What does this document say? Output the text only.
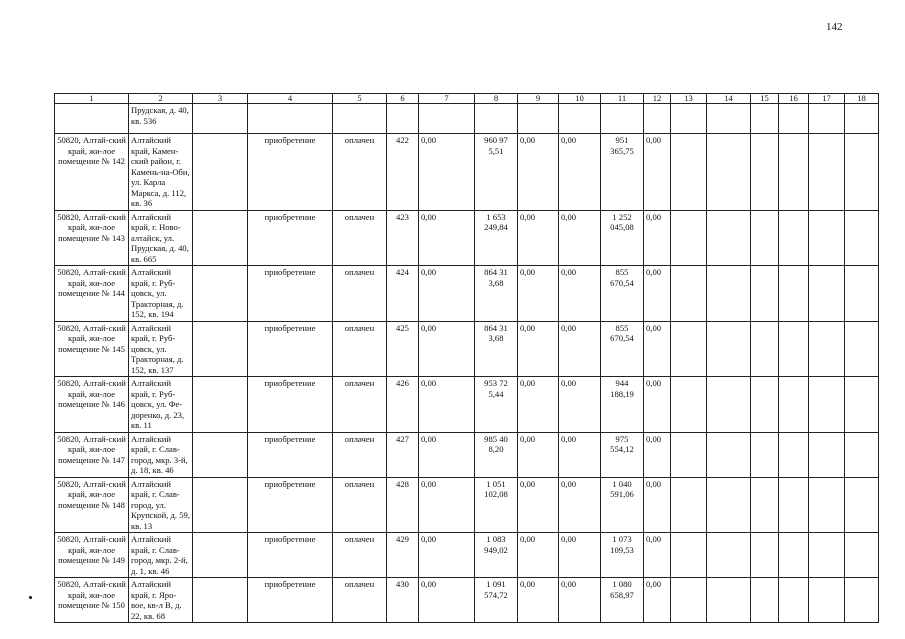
142
1	2	3	4	5	6	7	8	9	10	11	12	13	14	15	16	17	18
	Прудская, д. 40, кв. 536																
50820, Алтай-ский край, жи-лое помещение № 142	Алтайский край, Камен-ский район, г. Камень-на-Оби, ул. Карла Маркса, д. 112, кв. 36		приобретение	оплачен	422	0,00	960 97 5,51	0,00	0,00	951 365,75	0,00						
50820, Алтай-ский край, жи-лое помещение № 143	Алтайский край, г. Ново-алтайск, ул. Прудская, д. 40, кв. 665		приобретение	оплачен	423	0,00	1 653 249,84	0,00	0,00	1 252 045,08	0,00						
50820, Алтай-ский край, жи-лое помещение № 144	Алтайский край, г. Руб-цовск, ул. Тракторная, д. 152, кв. 194		приобретение	оплачен	424	0,00	864 31 3,68	0,00	0,00	855 670,54	0,00						
50820, Алтай-ский край, жи-лое помещение № 145	Алтайский край, г. Руб-цовск, ул. Тракторная, д. 152, кв. 137		приобретение	оплачен	425	0,00	864 31 3,68	0,00	0,00	855 670,54	0,00						
50820, Алтай-ский край, жи-лое помещение № 146	Алтайский край, г. Руб-цовск, ул. Фе-доренко, д. 23, кв. 11		приобретение	оплачен	426	0,00	953 72 5,44	0,00	0,00	944 188,19	0,00						
50820, Алтай-ский край, жи-лое помещение № 147	Алтайский край, г. Слав-город, мкр. 3-й, д. 18, кв. 46		приобретение	оплачен	427	0,00	985 40 8,20	0,00	0,00	975 554,12	0,00						
50820, Алтай-ский край, жи-лое помещение № 148	Алтайский край, г. Слав-город, ул. Крупской, д. 59, кв. 13		приобретение	оплачен	428	0,00	1 051 102,08	0,00	0,00	1 040 591,06	0,00						
50820, Алтай-ский край, жи-лое помещение № 149	Алтайский край, г. Слав-город, мкр. 2-й, д. 1, кв. 46		приобретение	оплачен	429	0,00	1 083 949,02	0,00	0,00	1 073 109,53	0,00						
50820, Алтай-ский край, жи-лое помещение № 150	Алтайский край, г. Яро-вое, кв-л В, д. 22, кв. 68		приобретение	оплачен	430	0,00	1 091 574,72	0,00	0,00	1 080 658,97	0,00						
